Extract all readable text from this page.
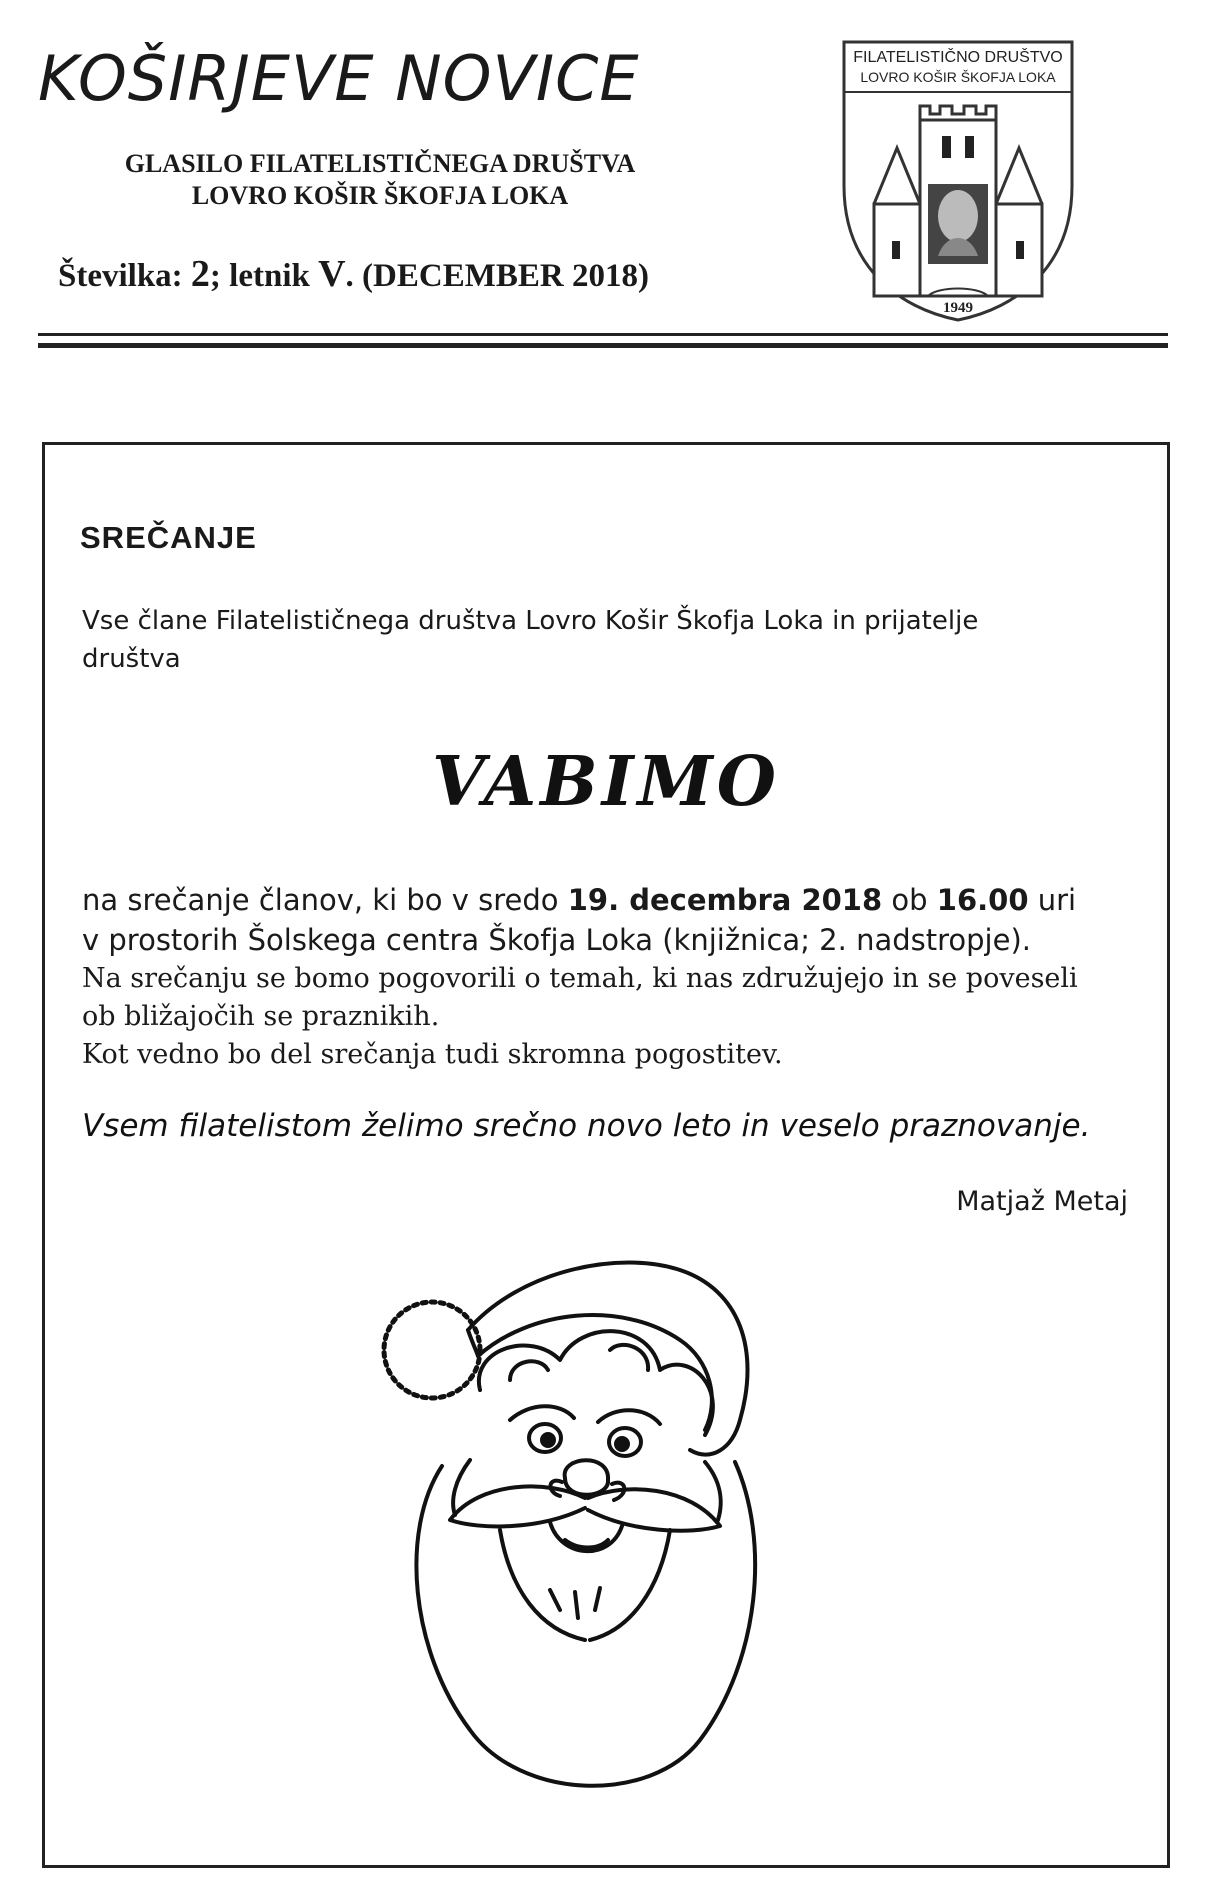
KOŠIRJEVE NOVICE

GLASILO FILATELISTIČNEGA DRUŠTVA

LOVRO KOŠIR ŠKOFJA LOKA

Številka: 2; letnik V. (DECEMBER 2018)
FILATELISTIČNO DRUŠTVO
LOVRO KOŠIR ŠKOFJA LOKA
1949
SREČANJE
Vse člane Filatelističnega društva Lovro Košir Škofja Loka in prijatelje
društva
VABIMO

na srečanje članov, ki bo v sredo 19. decembra 2018 ob 16.00 uri

v prostorih Šolskega centra Škofja Loka (knjižnica; 2. nadstropje).

Na srečanju se bomo pogovorili o temah, ki nas združujejo in se poveseli

ob bližajočih se praznikih.

Kot vedno bo del srečanja tudi skromna pogostitev.

Vsem filatelistom želimo srečno novo leto in veselo praznovanje.

Matjaž Metaj
